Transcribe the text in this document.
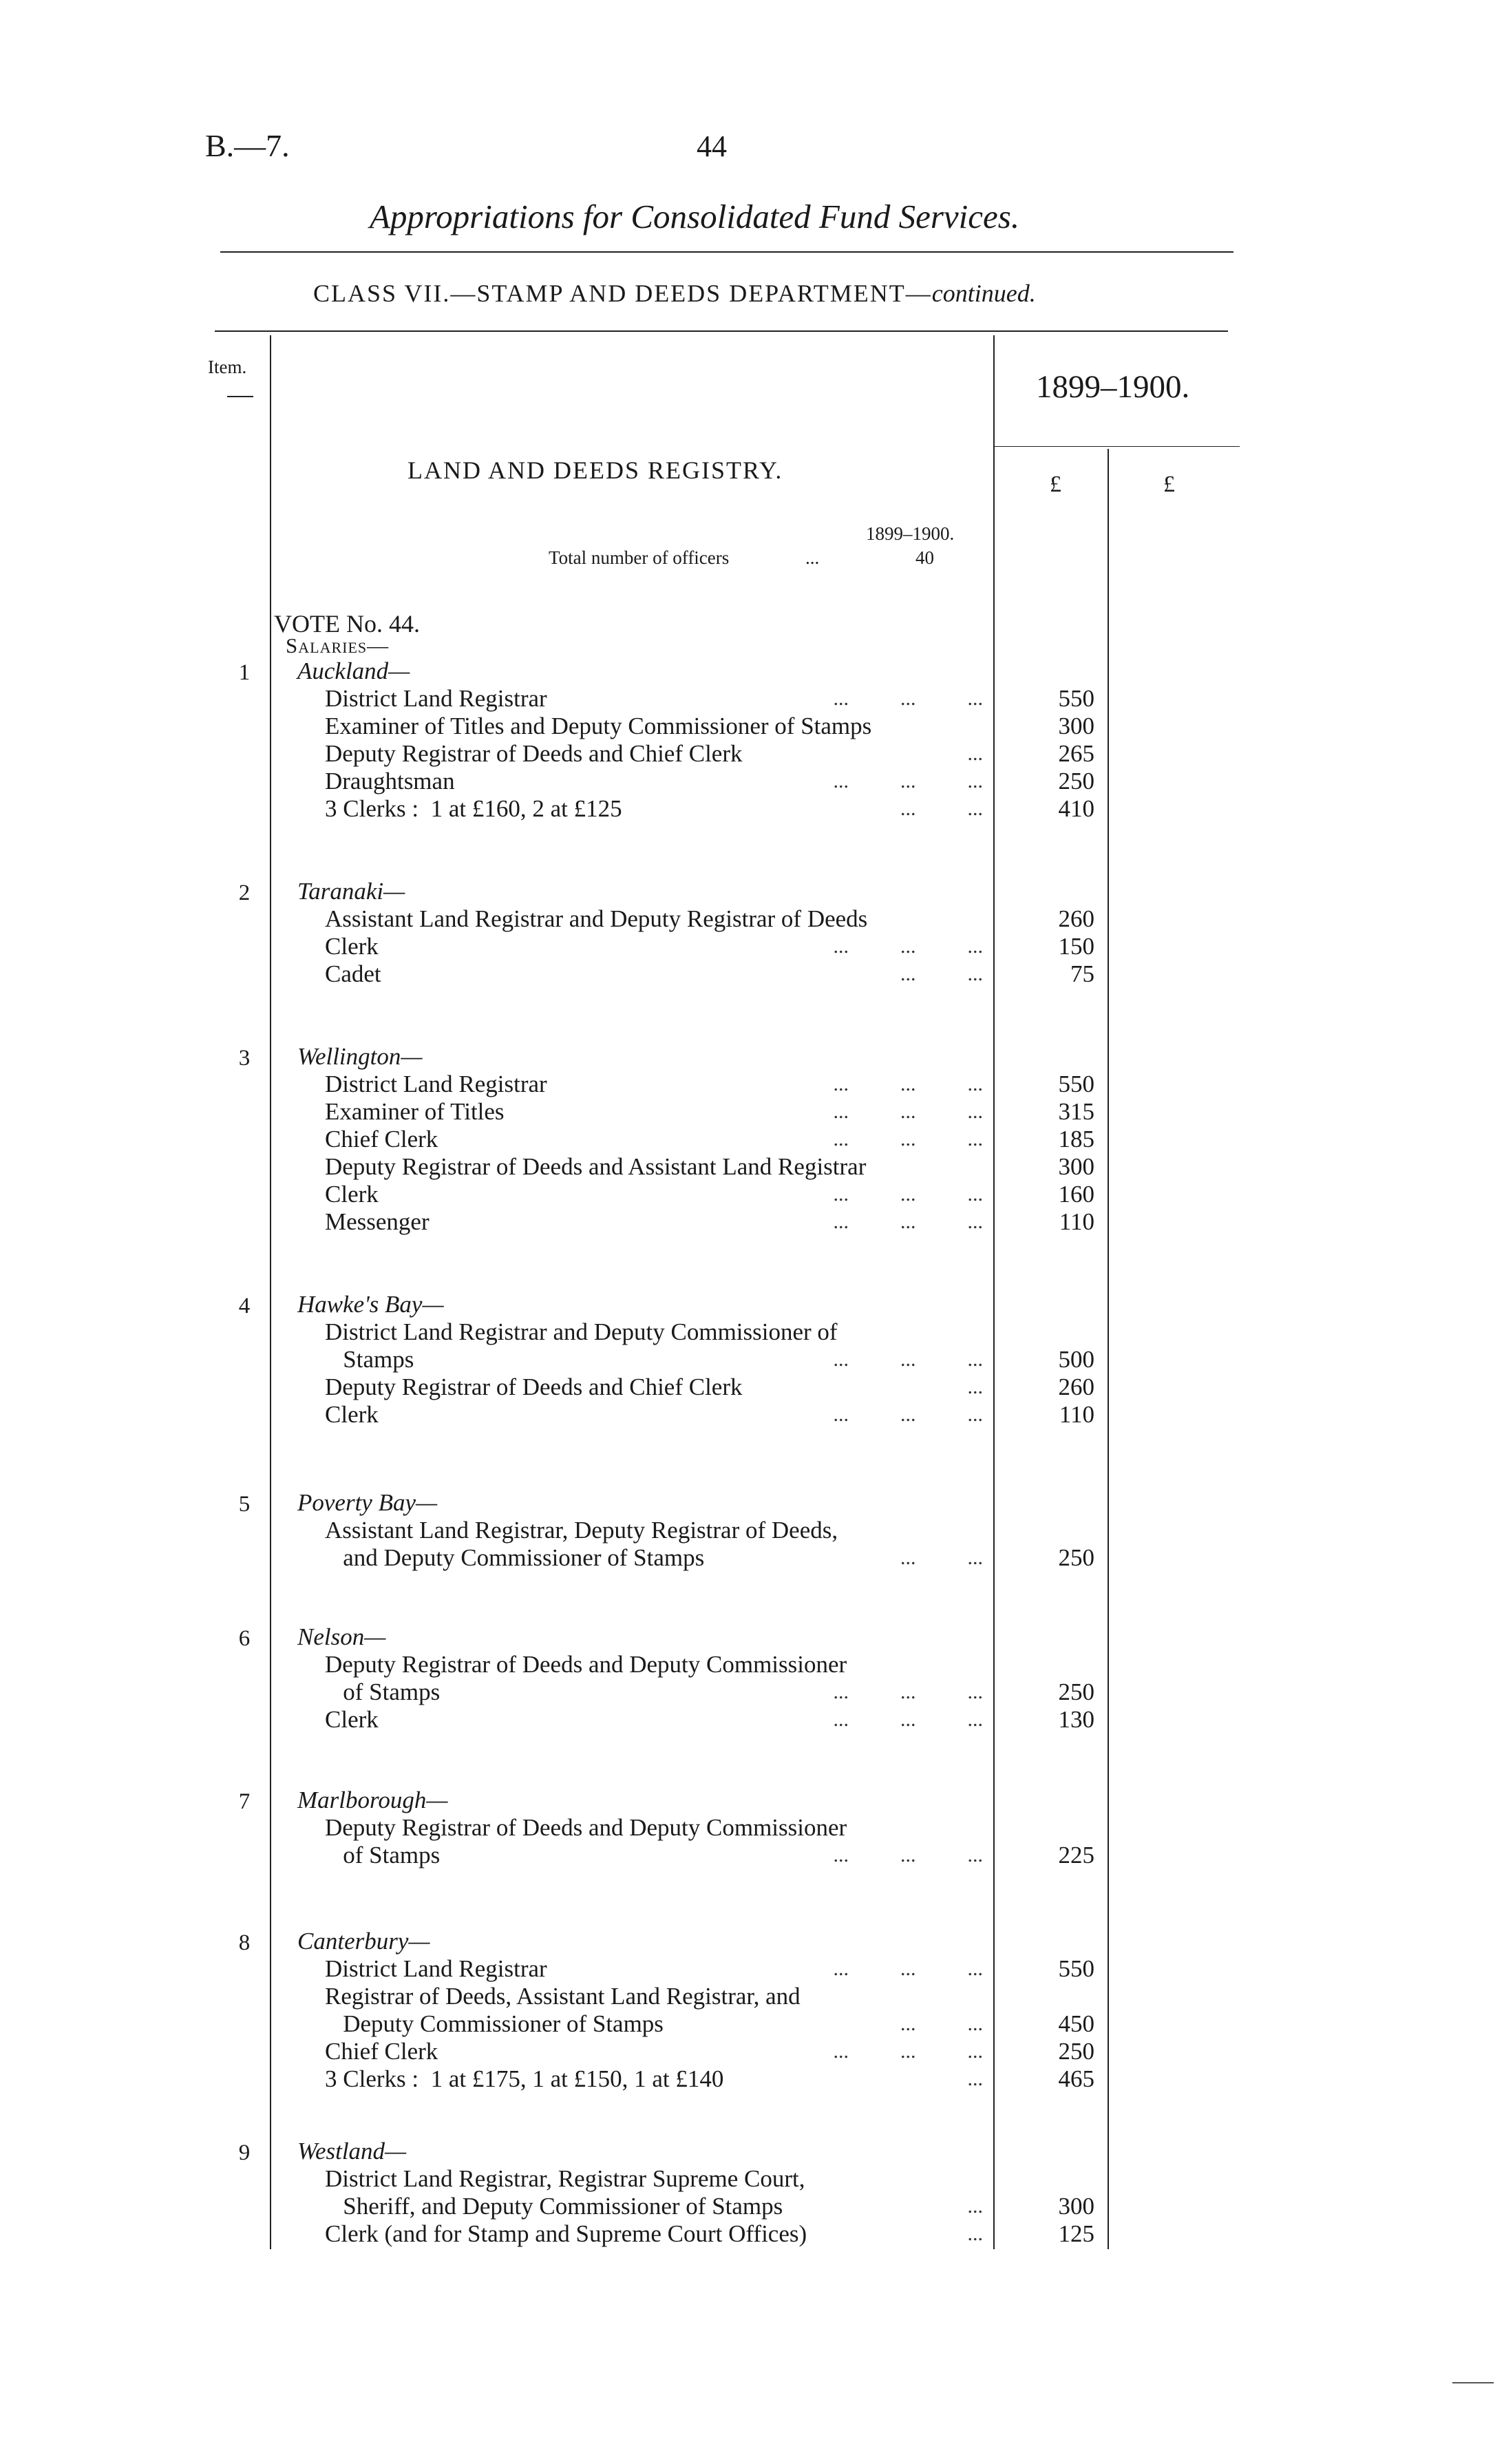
B.—7.	44
Appropriations for Consolidated Fund Services.
CLASS VII.—STAMP AND DEEDS DEPARTMENT—continued.
Item.
1899–1900.
£	£
LAND AND DEEDS REGISTRY.
1899–1900.
Total number of officers	...	40
VOTE No. 44.
Salaries—
1	Auckland—
District Land Registrar	...          ...          ...	550
Examiner of Titles and Deputy Commissioner of Stamps	300
Deputy Registrar of Deeds and Chief Clerk	...	265
Draughtsman	...          ...          ...	250
3 Clerks :  1 at £160, 2 at £125	...          ...	410
2	Taranaki—
Assistant Land Registrar and Deputy Registrar of Deeds	260
Clerk	...          ...          ...	150
Cadet	...          ...	75
3	Wellington—
District Land Registrar	...          ...          ...	550
Examiner of Titles	...          ...          ...	315
Chief Clerk	...          ...          ...	185
Deputy Registrar of Deeds and Assistant Land Registrar	300
Clerk	...          ...          ...	160
Messenger	...          ...          ...	110
4	Hawke's Bay—
District Land Registrar and Deputy Commissioner of
Stamps	...          ...          ...	500
Deputy Registrar of Deeds and Chief Clerk	...	260
Clerk	...          ...          ...	110
5	Poverty Bay—
Assistant Land Registrar, Deputy Registrar of Deeds,
and Deputy Commissioner of Stamps	...          ...	250
6	Nelson—
Deputy Registrar of Deeds and Deputy Commissioner
of Stamps	...          ...          ...	250
Clerk	...          ...          ...	130
7	Marlborough—
Deputy Registrar of Deeds and Deputy Commissioner
of Stamps	...          ...          ...	225
8	Canterbury—
District Land Registrar	...          ...          ...	550
Registrar of Deeds, Assistant Land Registrar, and
Deputy Commissioner of Stamps	...          ...	450
Chief Clerk	...          ...          ...	250
3 Clerks :  1 at £175, 1 at £150, 1 at £140	...	465
9	Westland—
District Land Registrar, Registrar Supreme Court,
Sheriff, and Deputy Commissioner of Stamps	...	300
Clerk (and for Stamp and Supreme Court Offices)	...	125
